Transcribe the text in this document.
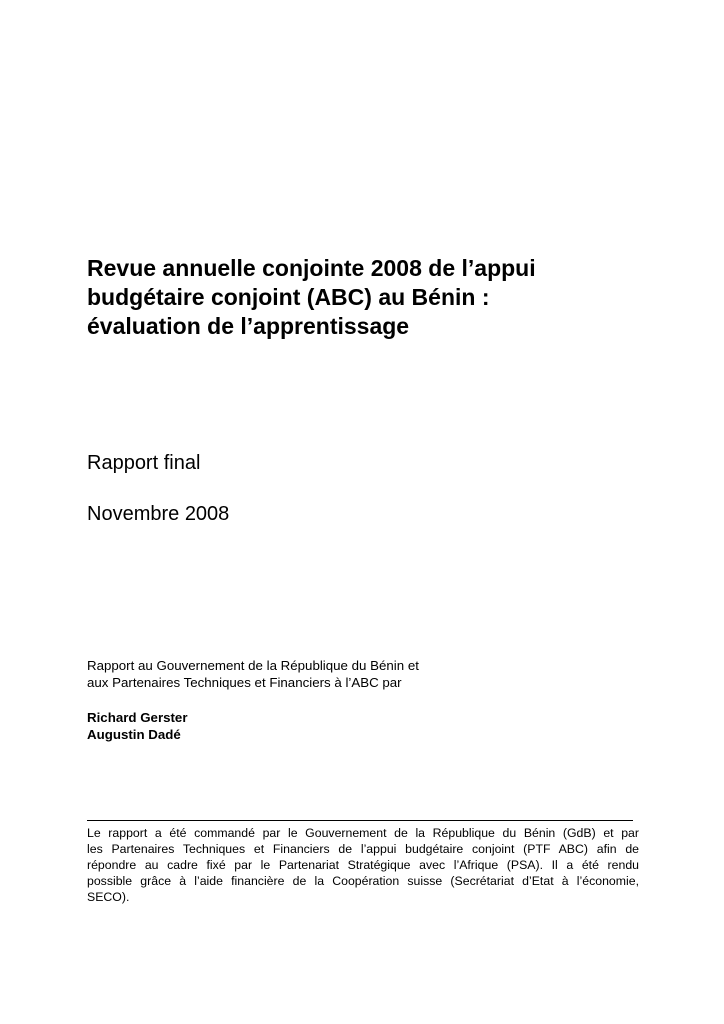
Revue annuelle conjointe 2008 de l’appui
budgétaire conjoint (ABC) au Bénin :
évaluation de l’apprentissage

Rapport final

Novembre 2008

Rapport au Gouvernement de la République du Bénin et
aux Partenaires Techniques et Financiers à l’ABC par
Richard Gerster
Augustin Dadé
Le rapport a été commandé par le Gouvernement de la République du Bénin (GdB) et par
les Partenaires Techniques et Financiers de l’appui budgétaire conjoint (PTF ABC) afin de
répondre au cadre fixé par le Partenariat Stratégique avec l’Afrique (PSA). Il a été rendu
possible grâce à l’aide financière de la Coopération suisse (Secrétariat d’Etat à l’économie,
SECO).
